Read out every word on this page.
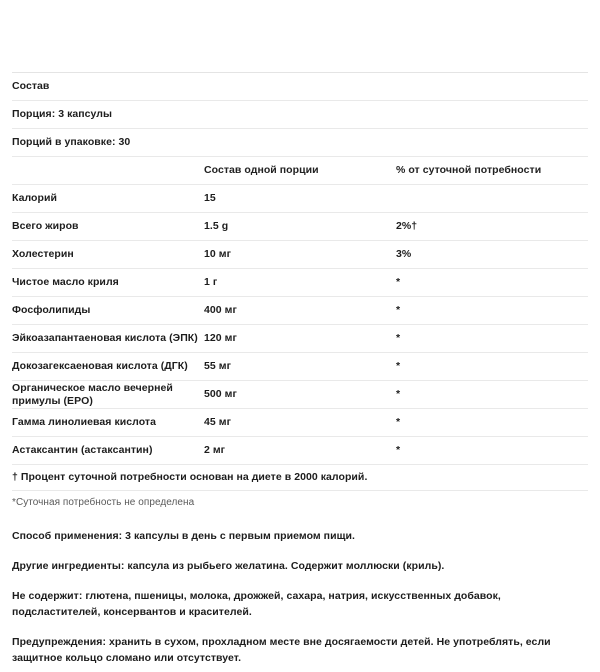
Состав		
Порция: 3 капсулы		
Порций в упаковке: 30		
	Состав одной порции	% от суточной потребности
Калорий	15	
Всего жиров	1.5 g	2%†
Холестерин	10 мг	3%
Чистое масло криля	1 г	*
Фосфолипиды	400 мг	*
Эйкоазапантаеновая кислота (ЭПК)	120 мг	*
Докозагексаеновая кислота (ДГК)	55 мг	*
Органическое масло вечерней примулы (EPO)	500 мг	*
Гамма линолиевая кислота	45 мг	*
Астаксантин (астаксантин)	2 мг	*
† Процент суточной потребности основан на диете в 2000 калорий.		
*Суточная потребность не определена		

Способ применения: 3 капсулы в день с первым приемом пищи.

Другие ингредиенты: капсула из рыбьего желатина. Содержит моллюски (криль).

Не содержит: глютена, пшеницы, молока, дрожжей, сахара, натрия, искусственных добавок, подсластителей, консервантов и красителей.

Предупреждения: хранить в сухом, прохладном месте вне досягаемости детей. Не употреблять, если защитное кольцо сломано или отсутствует.
